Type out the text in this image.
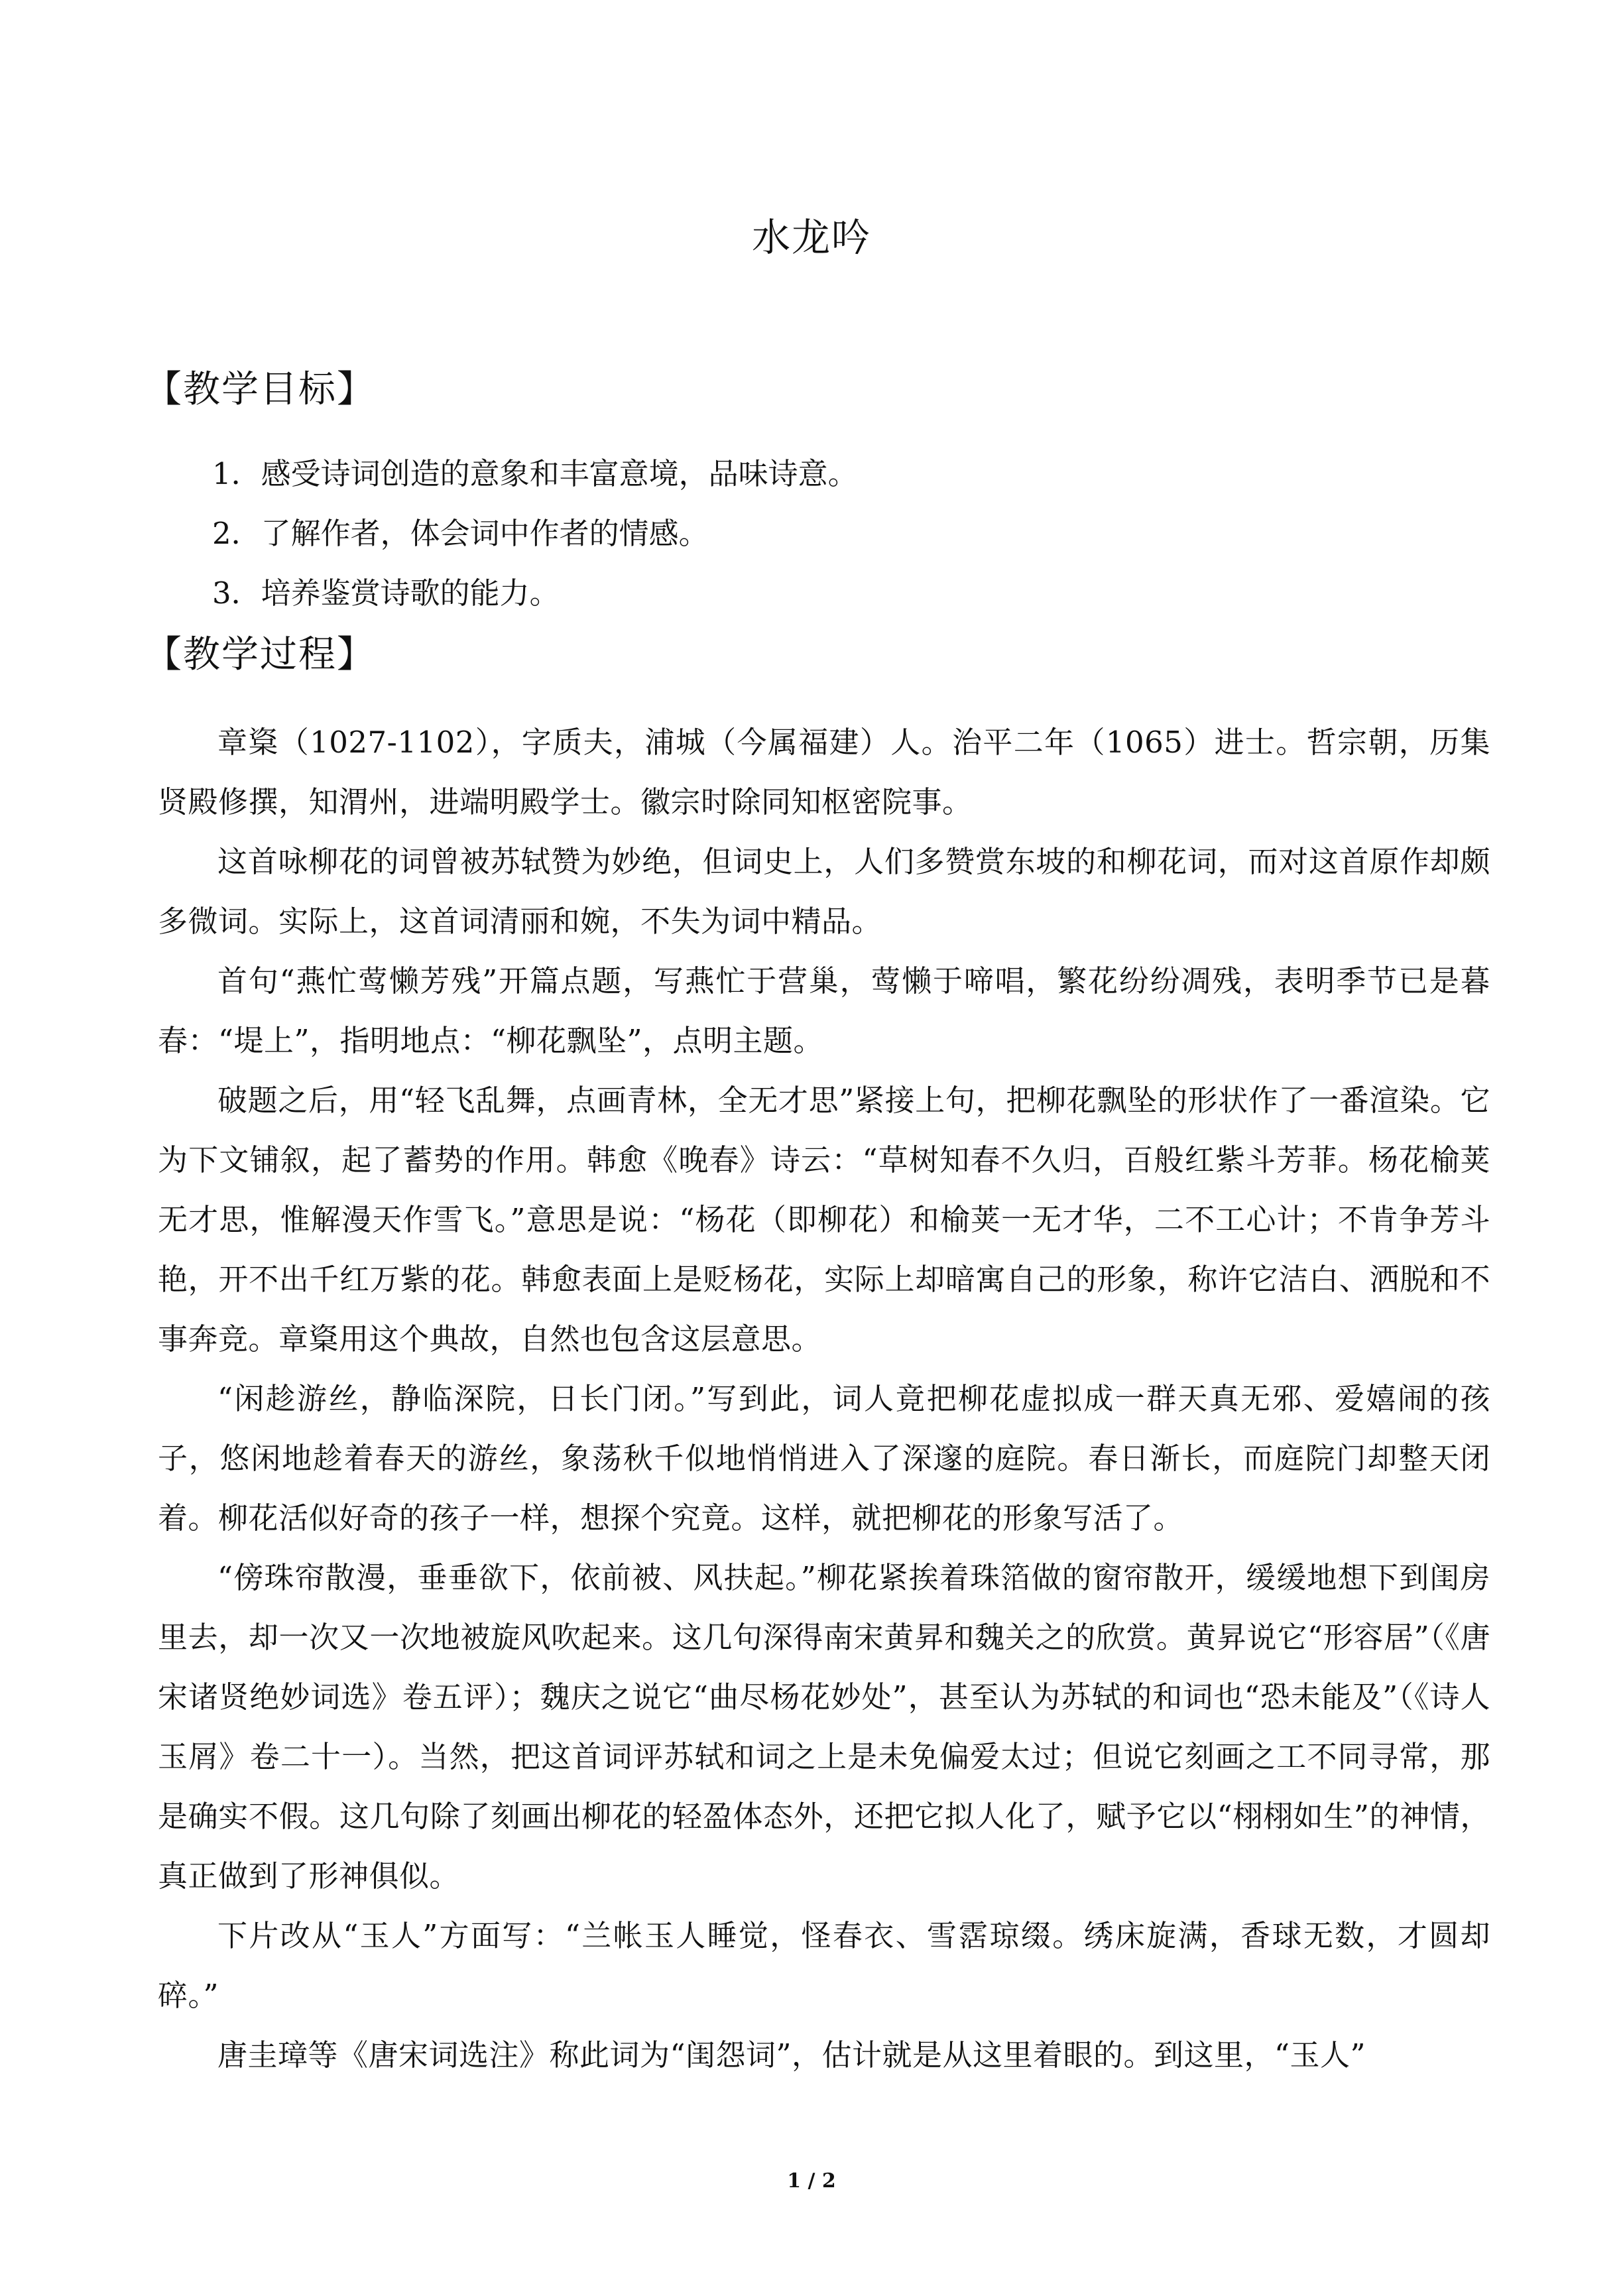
水龙吟
【教学目标】
1．感受诗词创造的意象和丰富意境，品味诗意。
2．了解作者，体会词中作者的情感。
3．培养鉴赏诗歌的能力。
【教学过程】

章楶（1027-1102），字质夫，浦城（今属福建）人。治平二年（1065）进士。哲宗朝，历集贤殿修撰，知渭州，进端明殿学士。徽宗时除同知枢密院事。

这首咏柳花的词曾被苏轼赞为妙绝，但词史上，人们多赞赏东坡的和柳花词，而对这首原作却颇多微词。实际上，这首词清丽和婉，不失为词中精品。

首句“燕忙莺懒芳残”开篇点题，写燕忙于营巢，莺懒于啼唱，繁花纷纷凋残，表明季节已是暮春：“堤上”，指明地点：“柳花飘坠”，点明主题。

破题之后，用“轻飞乱舞，点画青林，全无才思”紧接上句，把柳花飘坠的形状作了一番渲染。它为下文铺叙，起了蓄势的作用。韩愈《晚春》诗云：“草树知春不久归，百般红紫斗芳菲。杨花榆荚无才思，惟解漫天作雪飞。”意思是说：“杨花（即柳花）和榆荚一无才华，二不工心计；不肯争芳斗艳，开不出千红万紫的花。韩愈表面上是贬杨花，实际上却暗寓自己的形象，称许它洁白、洒脱和不事奔竞。章楶用这个典故，自然也包含这层意思。

“闲趁游丝，静临深院，日长门闭。”写到此，词人竟把柳花虚拟成一群天真无邪、爱嬉闹的孩子，悠闲地趁着春天的游丝，象荡秋千似地悄悄进入了深邃的庭院。春日渐长，而庭院门却整天闭着。柳花活似好奇的孩子一样，想探个究竟。这样，就把柳花的形象写活了。

“傍珠帘散漫，垂垂欲下，依前被、风扶起。”柳花紧挨着珠箔做的窗帘散开，缓缓地想下到闺房里去，却一次又一次地被旋风吹起来。这几句深得南宋黄昇和魏关之的欣赏。黄昇说它“形容居”（《唐宋诸贤绝妙词选》卷五评）；魏庆之说它“曲尽杨花妙处”，甚至认为苏轼的和词也“恐未能及”（《诗人玉屑》卷二十一）。当然，把这首词评苏轼和词之上是未免偏爱太过；但说它刻画之工不同寻常，那是确实不假。这几句除了刻画出柳花的轻盈体态外，还把它拟人化了，赋予它以“栩栩如生”的神情，真正做到了形神俱似。

下片改从“玉人”方面写：“兰帐玉人睡觉，怪春衣、雪霑琼缀。绣床旋满，香球无数，才圆却碎。”

唐圭璋等《唐宋词选注》称此词为“闺怨词”，估计就是从这里着眼的。到这里，“玉人”

1 / 2
